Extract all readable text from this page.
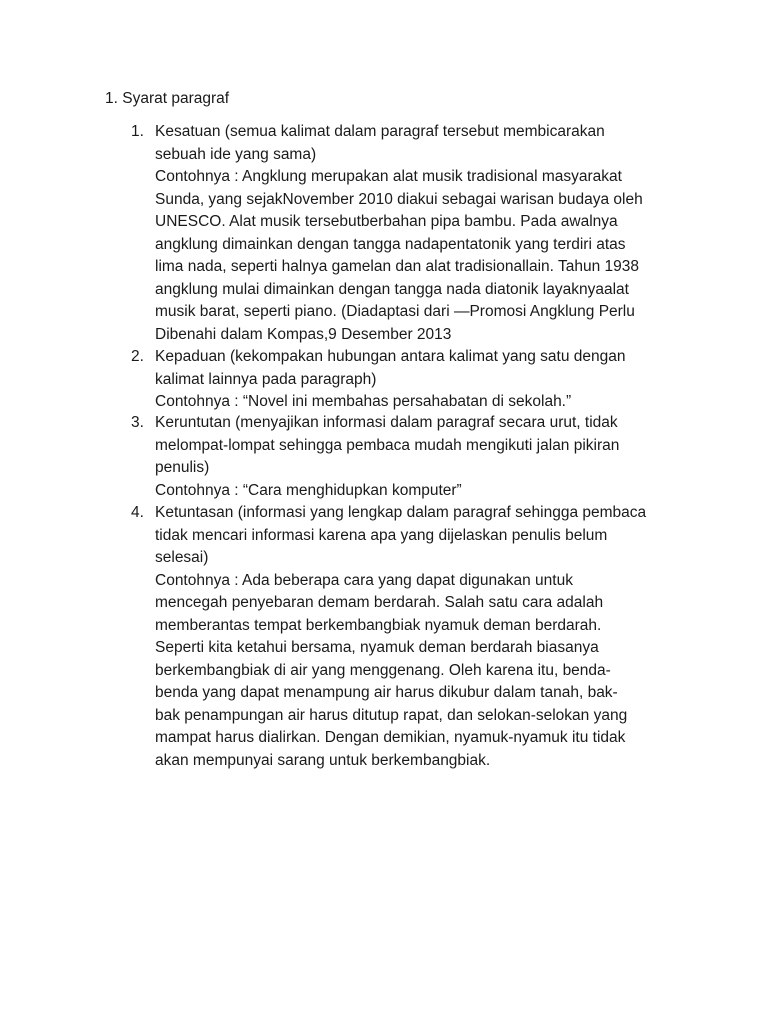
1. Syarat paragraf
1. Kesatuan (semua kalimat dalam paragraf tersebut membicarakan
sebuah ide yang sama)
Contohnya : Angklung merupakan alat musik tradisional masyarakat
Sunda, yang sejakNovember 2010 diakui sebagai warisan budaya oleh
UNESCO. Alat musik tersebutberbahan pipa bambu. Pada awalnya
angklung dimainkan dengan tangga nadapentatonik yang terdiri atas
lima nada, seperti halnya gamelan dan alat tradisionallain. Tahun 1938
angklung mulai dimainkan dengan tangga nada diatonik layaknyaalat
musik barat, seperti piano. (Diadaptasi dari —Promosi Angklung Perlu
Dibenahi dalam Kompas,9 Desember 2013
2. Kepaduan (kekompakan hubungan antara kalimat yang satu dengan
kalimat lainnya pada paragraph)
Contohnya : “Novel ini membahas persahabatan di sekolah.”
3. Keruntutan (menyajikan informasi dalam paragraf secara urut, tidak
melompat-lompat sehingga pembaca mudah mengikuti jalan pikiran
penulis)
Contohnya : “Cara menghidupkan komputer”
4. Ketuntasan (informasi yang lengkap dalam paragraf sehingga pembaca
tidak mencari informasi karena apa yang dijelaskan penulis belum
selesai)
Contohnya : Ada beberapa cara yang dapat digunakan untuk
mencegah penyebaran demam berdarah. Salah satu cara adalah
memberantas tempat berkembangbiak nyamuk deman berdarah.
Seperti kita ketahui bersama, nyamuk deman berdarah biasanya
berkembangbiak di air yang menggenang. Oleh karena itu, benda-
benda yang dapat menampung air harus dikubur dalam tanah, bak-
bak penampungan air harus ditutup rapat, dan selokan-selokan yang
mampat harus dialirkan. Dengan demikian, nyamuk-nyamuk itu tidak
akan mempunyai sarang untuk berkembangbiak.
